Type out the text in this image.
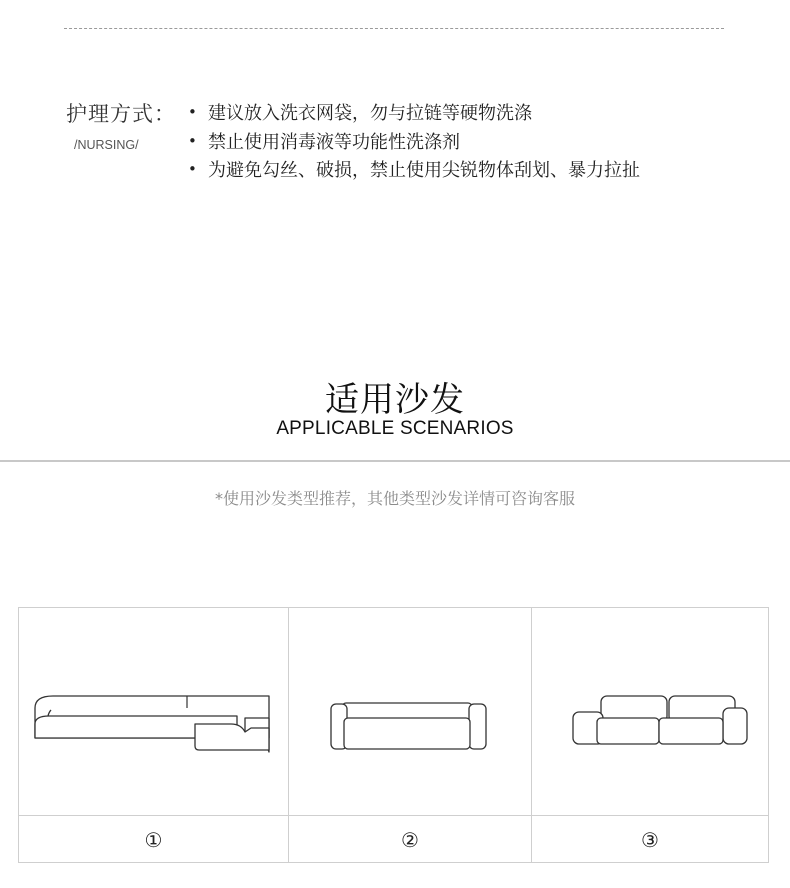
护理方式：
/NURSING/
• 建议放入洗衣网袋，勿与拉链等硬物洗涤
• 禁止使用消毒液等功能性洗涤剂
• 为避免勾丝、破损，禁止使用尖锐物体刮划、暴力拉扯
适用沙发
APPLICABLE SCENARIOS
*使用沙发类型推荐，其他类型沙发详情可咨询客服
①	②	③
